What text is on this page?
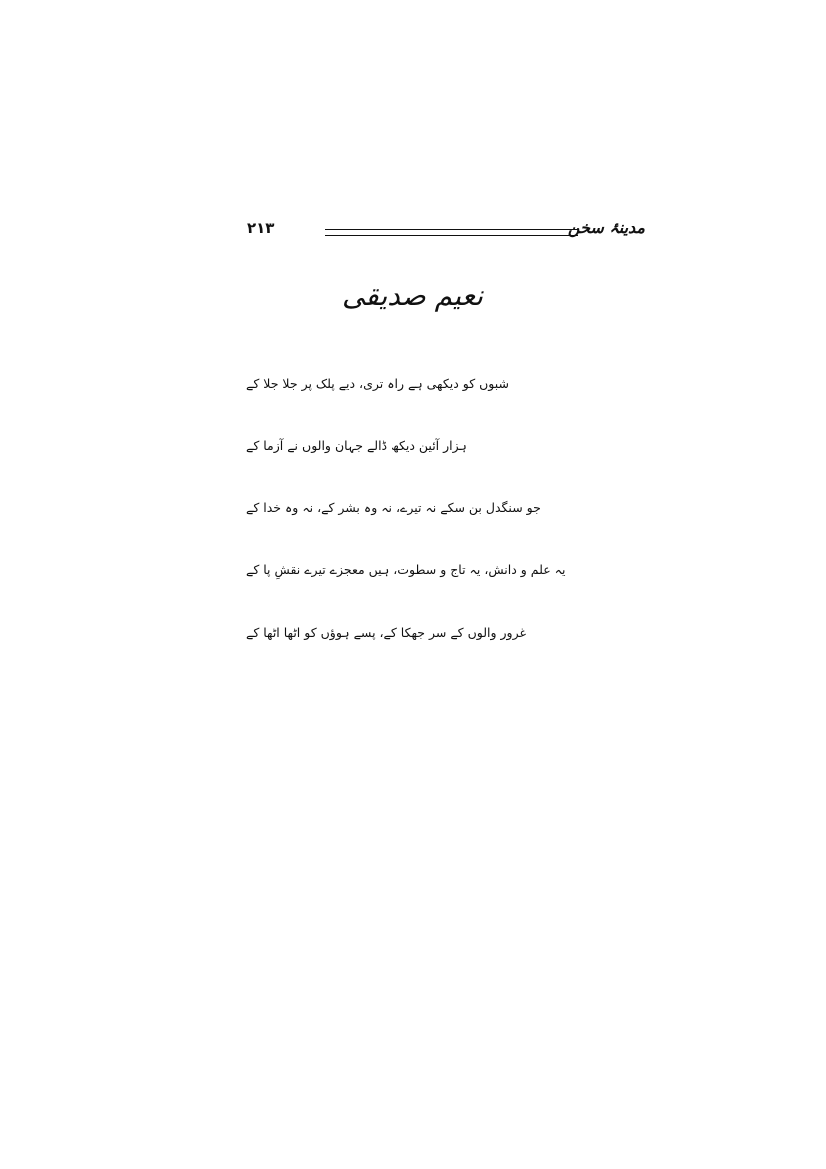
۲۱۳	مدینۂ سخن
نعیم صدیقی
شبوں کو دیکھی ہے راہ تری، دیے پلک پر جلا جلا کے
ہزار آئین دیکھ ڈالے جہان والوں نے آزما کے
جو سنگدل بن سکے نہ تیرے، نہ وہ بشر کے، نہ وہ خدا کے
یہ علم و دانش، یہ تاج و سطوت، ہیں معجزے تیرے نقشِ پا کے
غرور والوں کے سر جھکا کے، پسے ہوؤں کو اٹھا اٹھا کے
